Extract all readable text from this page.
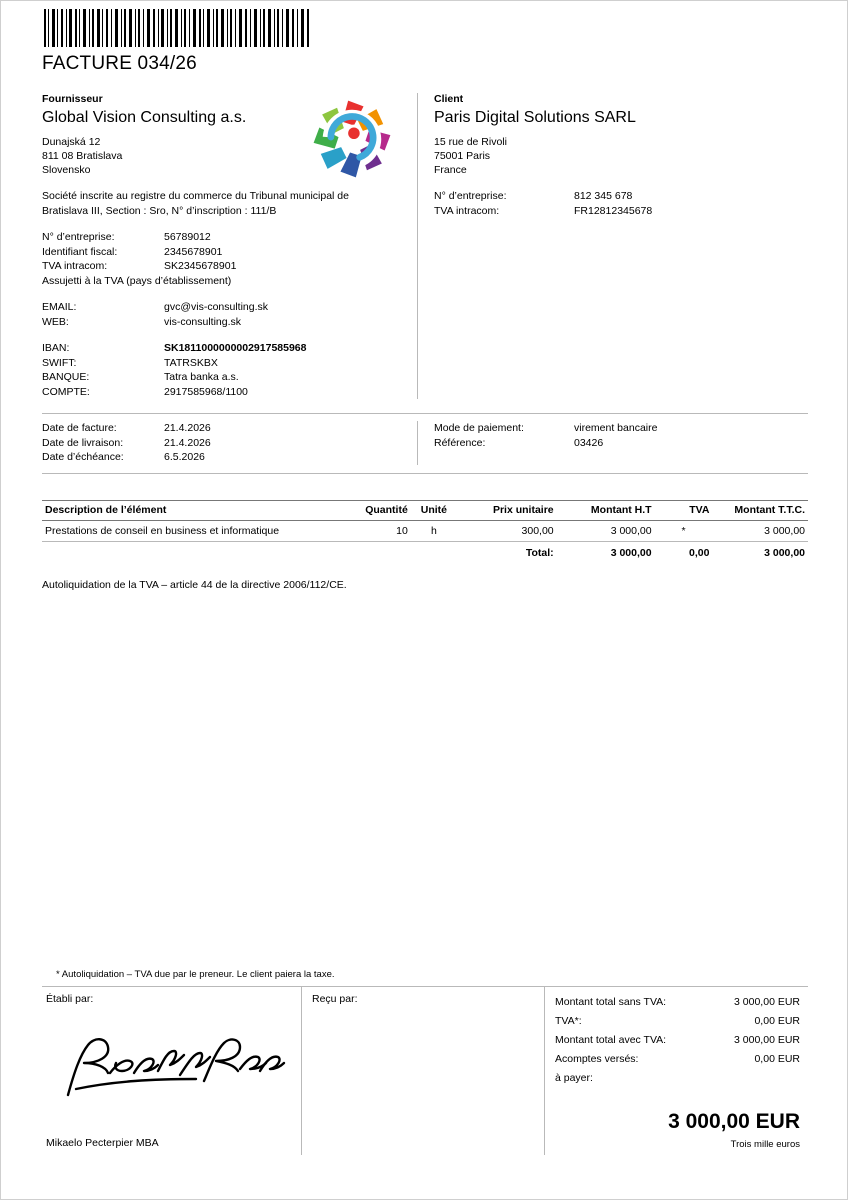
FACTURE 034/26
Fournisseur
Global Vision Consulting a.s.
Dunajská 12
811 08 Bratislava
Slovensko
Société inscrite au registre du commerce du Tribunal municipal de Bratislava III, Section : Sro, N° d’inscription : 111/B
N° d’entreprise:	56789012
Identifiant fiscal:	2345678901
TVA intracom:	SK2345678901
Assujetti à la TVA (pays d’établissement)
EMAIL:	gvc@vis-consulting.sk
WEB:	vis-consulting.sk
IBAN:	SK1811000000002917585968
SWIFT:	TATRSKBX
BANQUE:	Tatra banka a.s.
COMPTE:	2917585968/1100
Client
Paris Digital Solutions SARL
15 rue de Rivoli
75001 Paris
France
N° d’entreprise:	812 345 678
TVA intracom:	FR12812345678
Date de facture:	21.4.2026
Date de livraison:	21.4.2026
Date d’échéance:	6.5.2026
Mode de paiement:	virement bancaire
Référence:	03426
Description de l’élément	Quantité	Unité	Prix unitaire	Montant H.T	TVA	Montant T.T.C.
Prestations de conseil en business et informatique	10	h	300,00	3 000,00	*	3 000,00
Total:				3 000,00	0,00	3 000,00
Autoliquidation de la TVA – article 44 de la directive 2006/112/CE.
* Autoliquidation – TVA due par le preneur. Le client paiera la taxe.
Établi par:
Mikaelo Pecterpier MBA
Reçu par:	Montant total sans TVA:	3 000,00 EUR
TVA*:	0,00 EUR
Montant total avec TVA:	3 000,00 EUR
Acomptes versés:	0,00 EUR
à payer:
3 000,00 EUR
Trois mille euros
